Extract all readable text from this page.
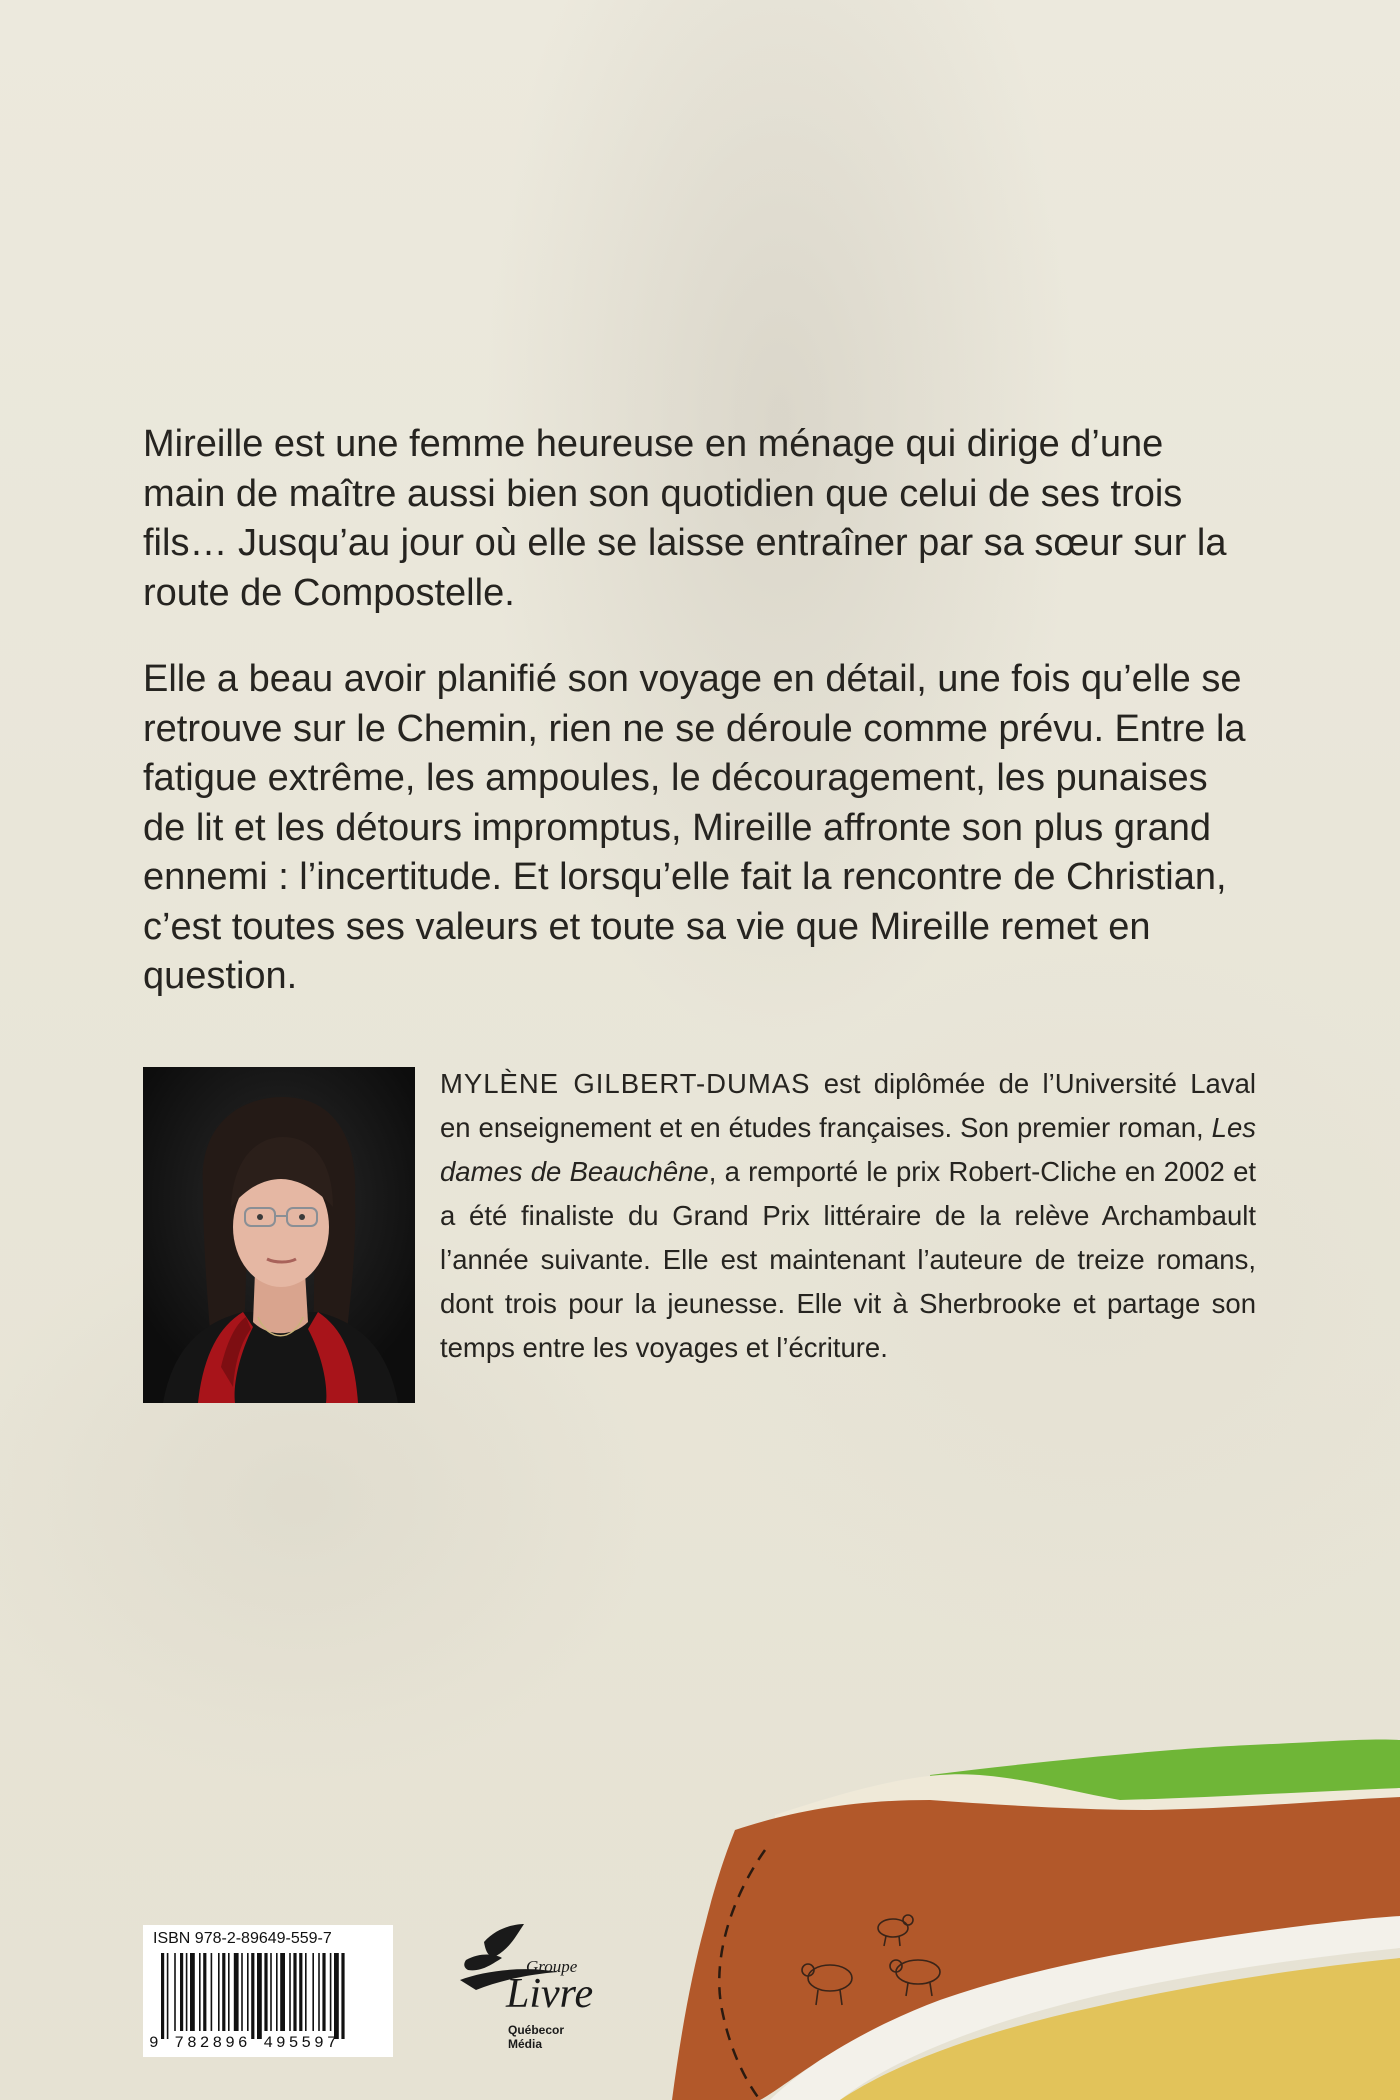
Mireille est une femme heureuse en ménage qui dirige d’une main de maître aussi bien son quotidien que celui de ses trois fils… Jusqu’au jour où elle se laisse entraîner par sa sœur sur la route de Compostelle.

Elle a beau avoir planifié son voyage en détail, une fois qu’elle se retrouve sur le Chemin, rien ne se déroule comme prévu. Entre la fatigue extrême, les ampoules, le découragement, les punaises de lit et les détours impromptus, Mireille affronte son plus grand ennemi : l’incertitude. Et lorsqu’elle fait la rencontre de Christian, c’est toutes ses valeurs et toute sa vie que Mireille remet en question.

MYLÈNE GILBERT-DUMAS est diplômée de l’Université Laval en enseignement et en études françaises. Son premier roman, Les dames de Beauchêne, a remporté le prix Robert-Cliche en 2002 et a été finaliste du Grand Prix littéraire de la relève Archambault l’année suivante. Elle est maintenant l’auteure de treize romans, dont trois pour la jeunesse. Elle vit à Sherbrooke et partage son temps entre les voyages et l’écriture.
ISBN 978-2-89649-559-7
9 782896 495597
Groupe
Livre
Québecor Média
